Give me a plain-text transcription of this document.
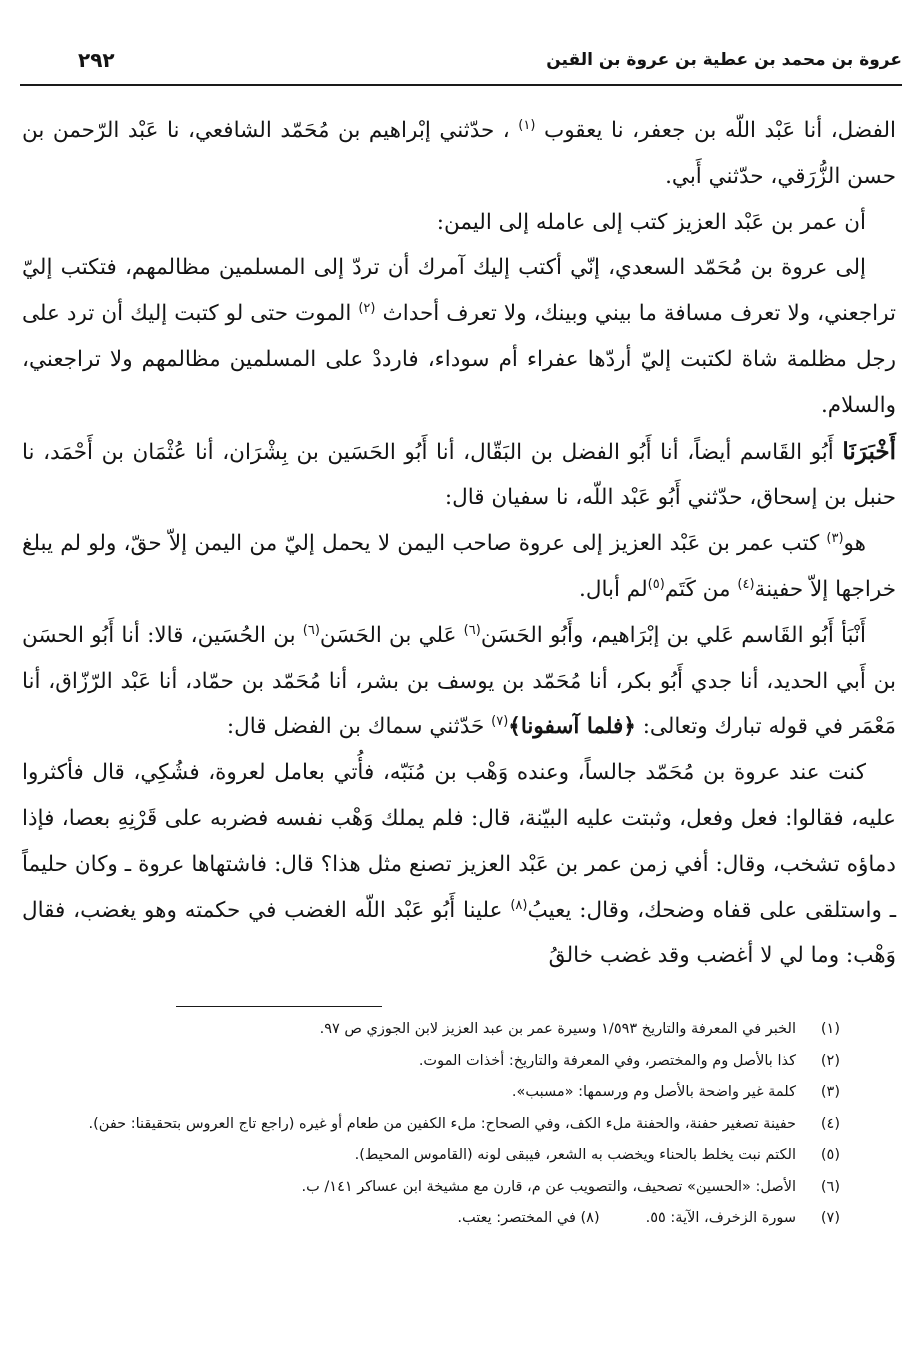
عروة بن محمد بن عطية بن عروة بن القين
٢٩٢

الفضل، أنا عَبْد اللّه بن جعفر، نا يعقوب $^{(١)}$ ، حدّثني إبْراهيم بن مُحَمّد الشافعي، نا عَبْد الرّحمن بن حسن الزُّرَقي، حدّثني أَبي.

أن عمر بن عَبْد العزيز كتب إلى عامله إلى اليمن:

إلى عروة بن مُحَمّد السعدي، إنّي أكتب إليك آمرك أن تردّ إلى المسلمين مظالمهم، فتكتب إليّ تراجعني، ولا تعرف مسافة ما بيني وبينك، ولا تعرف أحداث $^{(٢)}$ الموت حتى لو كتبت إليك أن ترد على رجل مظلمة شاة لكتبت إليّ أردّها عفراء أم سوداء، فارددْ على المسلمين مظالمهم ولا تراجعني، والسلام.

أَخْبَرَنَا أَبُو القَاسم أيضاً، أنا أَبُو الفضل بن البَقّال، أنا أَبُو الحَسَين بن بِشْرَان، أنا عُثْمَان بن أَحْمَد، نا حنبل بن إسحاق، حدّثني أَبُو عَبْد اللّه، نا سفيان قال:

هو$^{(٣)}$ كتب عمر بن عَبْد العزيز إلى عروة صاحب اليمن لا يحمل إليّ من اليمن إلاّ حقّ، ولو لم يبلغ خراجها إلاّ حفينة$^{(٤)}$ من كَتَم$^{(٥)}$لم أبال.

أَنْبَأ أَبُو القَاسم عَلي بن إبْرَاهيم، وأَبُو الحَسَن$^{(٦)}$ عَلي بن الحَسَن$^{(٦)}$ بن الحُسَين، قالا: أنا أَبُو الحسَن بن أَبي الحديد، أنا جدي أَبُو بكر، أنا مُحَمّد بن يوسف بن بشر، أنا مُحَمّد بن حمّاد، أنا عَبْد الرّزّاق، أنا مَعْمَر في قوله تبارك وتعالى: ﴿فلما آسفونا﴾$^{(٧)}$ حَدّثني سماك بن الفضل قال:

كنت عند عروة بن مُحَمّد جالساً، وعنده وَهْب بن مُنَبّه، فأُتي بعامل لعروة، فشُكِي، قال فأكثروا عليه، فقالوا: فعل وفعل، وثبتت عليه البيّنة، قال: فلم يملك وَهْب نفسه فضربه على قَرْنِهِ بعصا، فإذا دماؤه تشخب، وقال: أفي زمن عمر بن عَبْد العزيز تصنع مثل هذا؟ قال: فاشتهاها عروة ـ وكان حليماً ـ واستلقى على قفاه وضحك، وقال: يعيبُ$^{(٨)}$ علينا أَبُو عَبْد اللّه الغضب في حكمته وهو يغضب، فقال وَهْب: وما لي لا أغضب وقد غضب خالقُ

(١)الخبر في المعرفة والتاريخ ١/٥٩٣ وسيرة عمر بن عبد العزيز لابن الجوزي ص ٩٧.
(٢)كذا بالأصل وم والمختصر، وفي المعرفة والتاريخ: أخذات الموت.
(٣)كلمة غير واضحة بالأصل وم ورسمها: «مسبب».
(٤)حفينة تصغير حفنة، والحفنة ملء الكف، وفي الصحاح: ملء الكفين من طعام أو غيره (راجع تاج العروس بتحقيقنا: حفن).
(٥)الكتم نبت يخلط بالحناء ويخضب به الشعر، فيبقى لونه (القاموس المحيط).
(٦)الأصل: «الحسين» تصحيف، والتصويب عن م، قارن مع مشيخة ابن عساكر ١٤١/ ب.
(٧)سورة الزخرف، الآية: ٥٥.(٨) في المختصر: يعتب.
